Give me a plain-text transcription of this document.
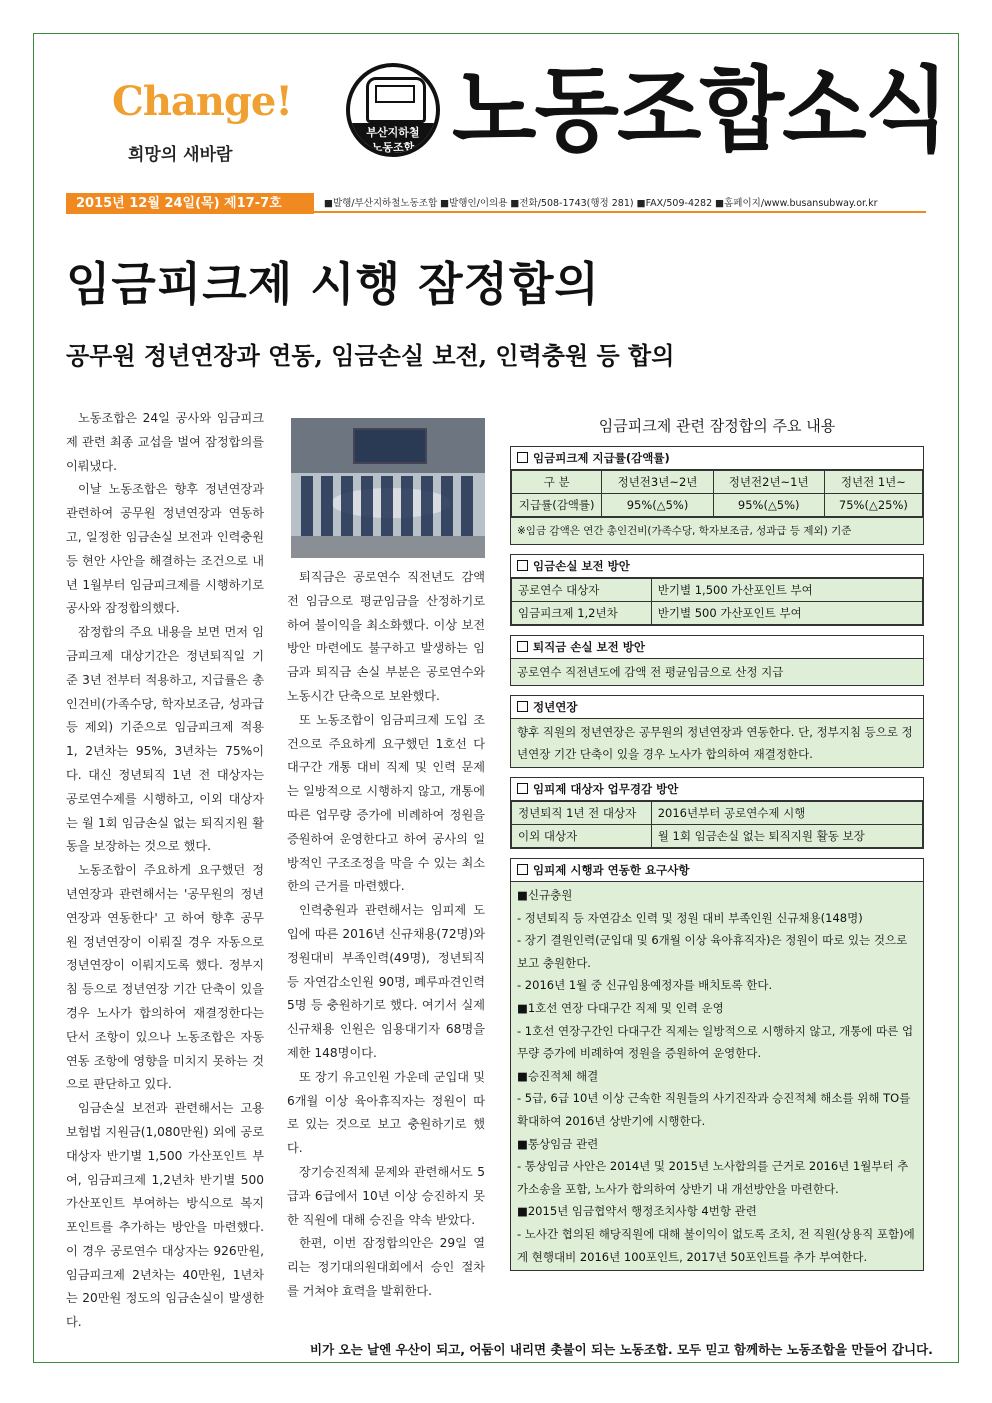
Change!
희망의 새바람
부산지하철
노동조합 노동조합소식
2015년 12월 24일(목) 제17-7호	■발행/부산지하철노동조합 ■발행인/이의용 ■전화/508-1743(행정 281) ■FAX/509-4282 ■홈페이지/www.busansubway.or.kr
임금피크제 시행 잠정합의
공무원 정년연장과 연동, 임금손실 보전, 인력충원 등 합의

노동조합은 24일 공사와 임금피크제 관련 최종 교섭을 벌여 잠정합의를 이뤄냈다.

이날 노동조합은 향후 정년연장과 관련하여 공무원 정년연장과 연동하고, 일정한 임금손실 보전과 인력충원 등 현안 사안을 해결하는 조건으로 내년 1월부터 임금피크제를 시행하기로 공사와 잠정합의했다.

잠정합의 주요 내용을 보면 먼저 임금피크제 대상기간은 정년퇴직일 기준 3년 전부터 적용하고, 지급률은 총인건비(가족수당, 학자보조금, 성과급 등 제외) 기준으로 임금피크제 적용 1, 2년차는 95%, 3년차는 75%이다. 대신 정년퇴직 1년 전 대상자는 공로연수제를 시행하고, 이외 대상자는 월 1회 임금손실 없는 퇴직지원 활동을 보장하는 것으로 했다.

노동조합이 주요하게 요구했던 정년연장과 관련해서는 '공무원의 정년연장과 연동한다' 고 하여 향후 공무원 정년연장이 이뤄질 경우 자동으로 정년연장이 이뤄지도록 했다. 정부지침 등으로 정년연장 기간 단축이 있을 경우 노사가 합의하여 재결정한다는 단서 조항이 있으나 노동조합은 자동 연동 조항에 영향을 미치지 못하는 것으로 판단하고 있다.

임금손실 보전과 관련해서는 고용보험법 지원금(1,080만원) 외에 공로대상자 반기별 1,500 가산포인트 부여, 임금피크제 1,2년차 반기별 500 가산포인트 부여하는 방식으로 복지포인트를 추가하는 방안을 마련했다. 이 경우 공로연수 대상자는 926만원, 임금피크제 2년차는 40만원, 1년차는 20만원 정도의 임금손실이 발생한다.

퇴직금은 공로연수 직전년도 감액 전 임금으로 평균임금을 산정하기로 하여 불이익을 최소화했다. 이상 보전 방안 마련에도 불구하고 발생하는 임금과 퇴직금 손실 부분은 공로연수와 노동시간 단축으로 보완했다.

또 노동조합이 임금피크제 도입 조건으로 주요하게 요구했던 1호선 다대구간 개통 대비 직제 및 인력 문제는 일방적으로 시행하지 않고, 개통에 따른 업무량 증가에 비례하여 정원을 증원하여 운영한다고 하여 공사의 일방적인 구조조정을 막을 수 있는 최소한의 근거를 마련했다.

인력충원과 관련해서는 임피제 도입에 따른 2016년 신규채용(72명)와 정원대비 부족인력(49명), 정년퇴직 등 자연감소인원 90명, 폐루파견인력 5명 등 충원하기로 했다. 여기서 실제 신규채용 인원은 임용대기자 68명을 제한 148명이다.

또 장기 유고인원 가운데 군입대 및 6개월 이상 육아휴직자는 정원이 따로 있는 것으로 보고 충원하기로 했다.

장기승진적체 문제와 관련해서도 5급과 6급에서 10년 이상 승진하지 못한 직원에 대해 승진을 약속 받았다.

한편, 이번 잠정합의안은 29일 열리는 정기대의원대회에서 승인 절차를 거쳐야 효력을 발휘한다.

임금피크제 관련 잠정합의 주요 내용
임금피크제 지급률(감액률)
구 분	정년전3년~2년	정년전2년~1년	정년전 1년~
지급률(감액률)	95%(△5%)	95%(△5%)	75%(△25%)
※임금 감액은 연간 총인건비(가족수당, 학자보조금, 성과급 등 제외) 기준
임금손실 보전 방안
공로연수 대상자	반기별 1,500 가산포인트 부여
임금피크제 1,2년차	반기별 500 가산포인트 부여
퇴직금 손실 보전 방안
공로연수 직전년도에 감액 전 평균임금으로 산정 지급
정년연장
향후 직원의 정년연장은 공무원의 정년연장과 연동한다. 단, 정부지침 등으로 정년연장 기간 단축이 있을 경우 노사가 합의하여 재결정한다.
임피제 대상자 업무경감 방안
정년퇴직 1년 전 대상자	2016년부터 공로연수제 시행
이외 대상자	월 1회 임금손실 없는 퇴직지원 활동 보장
임피제 시행과 연동한 요구사항
■신규충원
- 정년퇴직 등 자연감소 인력 및 정원 대비 부족인원 신규채용(148명)
- 장기 결원인력(군입대 및 6개월 이상 육아휴직자)은 정원이 따로 있는 것으로 보고 충원한다.
- 2016년 1월 중 신규임용예정자를 배치토록 한다.
■1호선 연장 다대구간 직제 및 인력 운영
- 1호선 연장구간인 다대구간 직제는 일방적으로 시행하지 않고, 개통에 따른 업무량 증가에 비례하여 정원을 증원하여 운영한다.
■승진적체 해결
- 5급, 6급 10년 이상 근속한 직원들의 사기진작과 승진적체 해소를 위해 TO를 확대하여 2016년 상반기에 시행한다.
■통상임금 관련
- 통상임금 사안은 2014년 및 2015년 노사합의를 근거로 2016년 1월부터 추가소송을 포함, 노사가 합의하여 상반기 내 개선방안을 마련한다.
■2015년 임금협약서 행정조치사항 4번항 관련
- 노사간 협의된 해당직원에 대해 불이익이 없도록 조치, 전 직원(상용직 포함)에게 현행대비 2016년 100포인트, 2017년 50포인트를 추가 부여한다.
비가 오는 날엔 우산이 되고, 어둠이 내리면 촛불이 되는 노동조합. 모두 믿고 함께하는 노동조합을 만들어 갑니다.
